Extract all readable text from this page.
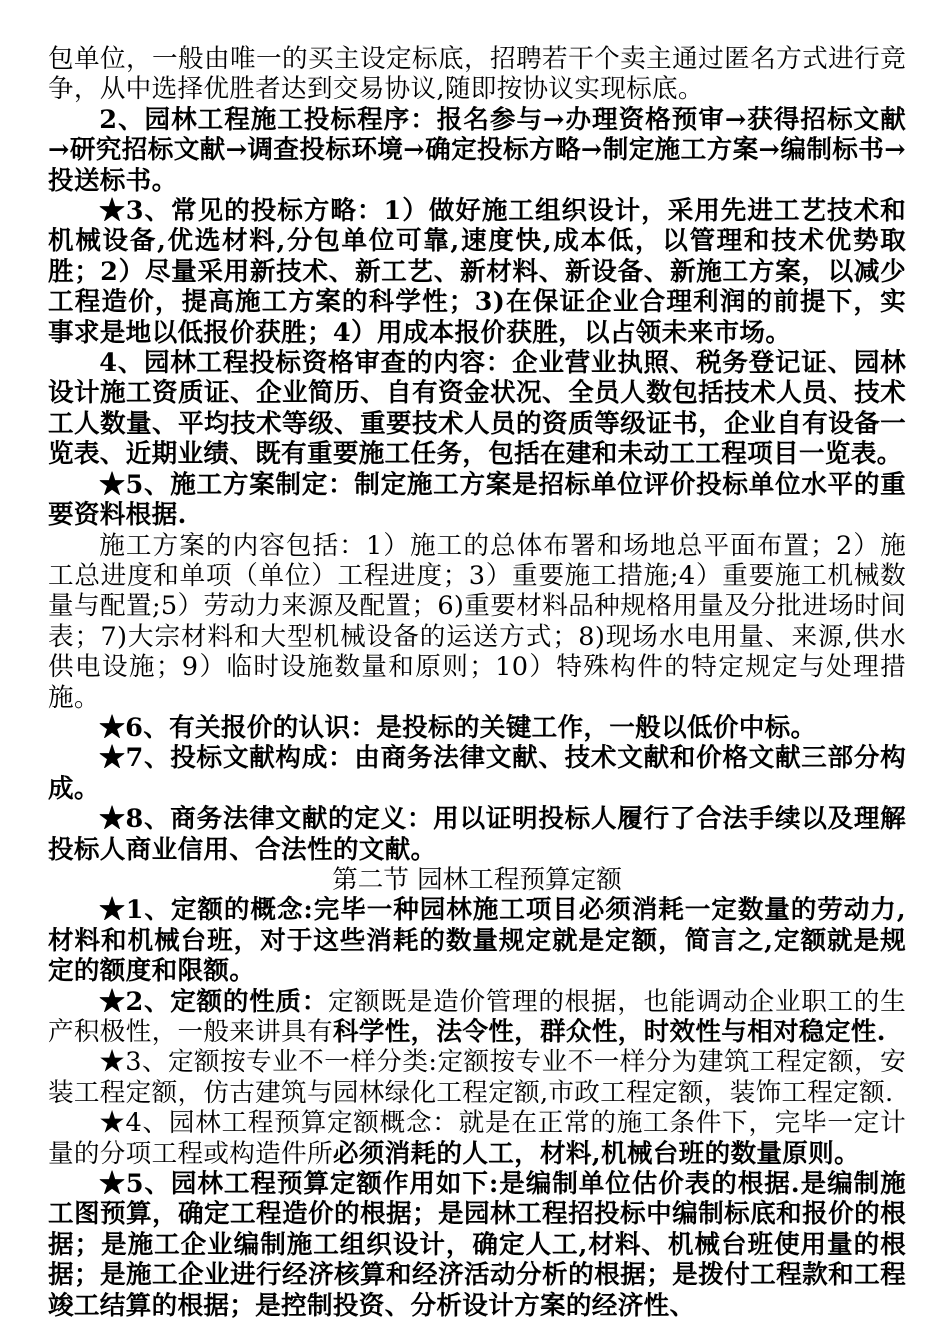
包单位，一般由唯一的买主设定标底，招聘若干个卖主通过匿名方式进行竞争，从中选择优胜者达到交易协议,随即按协议实现标底。

2、园林工程施工投标程序：报名参与→办理资格预审→获得招标文献→研究招标文献→调查投标环境→确定投标方略→制定施工方案→编制标书→投送标书。

★3、常见的投标方略：1）做好施工组织设计，采用先进工艺技术和机械设备,优选材料,分包单位可靠,速度快,成本低，以管理和技术优势取胜；2）尽量采用新技术、新工艺、新材料、新设备、新施工方案，以减少工程造价，提高施工方案的科学性；3)在保证企业合理利润的前提下，实事求是地以低报价获胜；4）用成本报价获胜，以占领未来市场。

4、园林工程投标资格审查的内容：企业营业执照、税务登记证、园林设计施工资质证、企业简历、自有资金状况、全员人数包括技术人员、技术工人数量、平均技术等级、重要技术人员的资质等级证书，企业自有设备一览表、近期业绩、既有重要施工任务，包括在建和未动工工程项目一览表。

★5、施工方案制定：制定施工方案是招标单位评价投标单位水平的重要资料根据.

施工方案的内容包括：1）施工的总体布署和场地总平面布置；2）施工总进度和单项（单位）工程进度；3）重要施工措施;4）重要施工机械数量与配置;5）劳动力来源及配置；6)重要材料品种规格用量及分批进场时间表；7)大宗材料和大型机械设备的运送方式；8)现场水电用量、来源,供水供电设施；9）临时设施数量和原则；10）特殊构件的特定规定与处理措施。

★6、有关报价的认识：是投标的关键工作，一般以低价中标。

★7、投标文献构成：由商务法律文献、技术文献和价格文献三部分构成。

★8、商务法律文献的定义：用以证明投标人履行了合法手续以及理解投标人商业信用、合法性的文献。

第二节 园林工程预算定额

★1、定额的概念:完毕一种园林施工项目必须消耗一定数量的劳动力,材料和机械台班，对于这些消耗的数量规定就是定额，简言之,定额就是规定的额度和限额。

★2、定额的性质：定额既是造价管理的根据，也能调动企业职工的生产积极性，一般来讲具有科学性，法令性，群众性，时效性与相对稳定性.

★3、定额按专业不一样分类:定额按专业不一样分为建筑工程定额，安装工程定额，仿古建筑与园林绿化工程定额,市政工程定额，装饰工程定额.

★4、园林工程预算定额概念：就是在正常的施工条件下，完毕一定计量的分项工程或构造件所必须消耗的人工，材料,机械台班的数量原则。

★5、园林工程预算定额作用如下:是编制单位估价表的根据.是编制施工图预算，确定工程造价的根据；是园林工程招投标中编制标底和报价的根据；是施工企业编制施工组织设计，确定人工,材料、机械台班使用量的根据；是施工企业进行经济核算和经济活动分析的根据；是拨付工程款和工程竣工结算的根据；是控制投资、分析设计方案的经济性、
